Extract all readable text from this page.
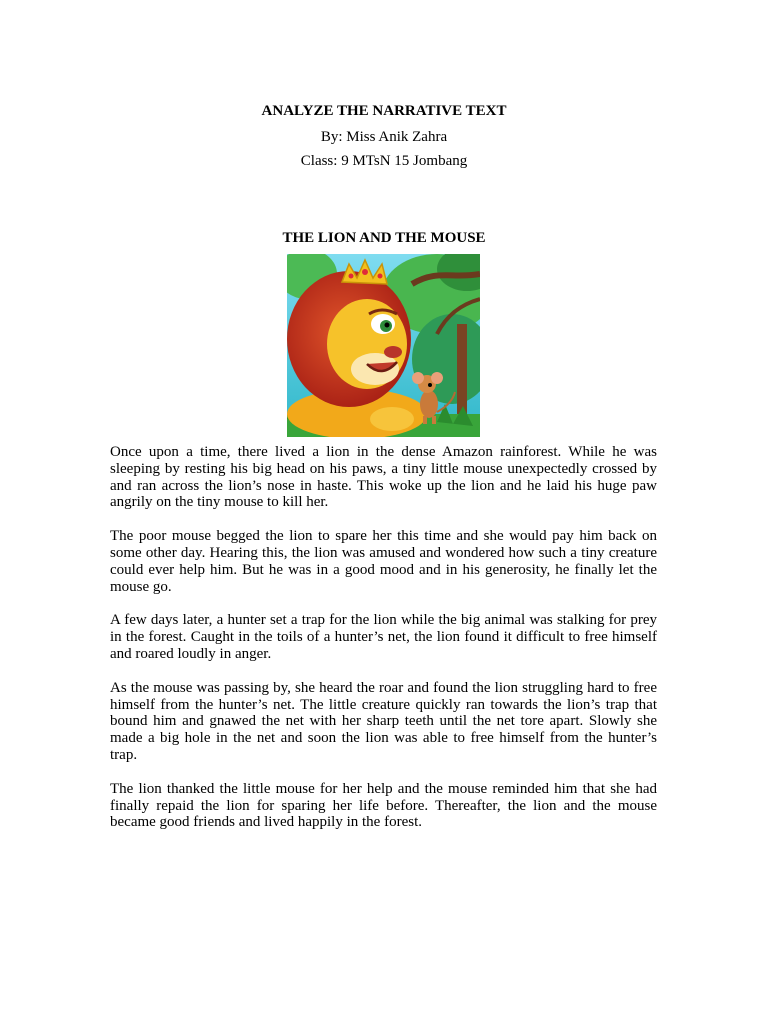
ANALYZE THE NARRATIVE TEXT
By: Miss Anik Zahra
Class: 9 MTsN 15 Jombang
THE LION AND THE MOUSE

Once upon a time, there lived a lion in the dense Amazon rainforest. While he was sleeping by resting his big head on his paws, a tiny little mouse unexpectedly crossed by and ran across the lion’s nose in haste. This woke up the lion and he laid his huge paw angrily on the tiny mouse to kill her.

The poor mouse begged the lion to spare her this time and she would pay him back on some other day. Hearing this, the lion was amused and wondered how such a tiny creature could ever help him. But he was in a good mood and in his generosity, he finally let the mouse go.

A few days later, a hunter set a trap for the lion while the big animal was stalking for prey in the forest. Caught in the toils of a hunter’s net, the lion found it difficult to free himself and roared loudly in anger.

As the mouse was passing by, she heard the roar and found the lion struggling hard to free himself from the hunter’s net. The little creature quickly ran towards the lion’s trap that bound him and gnawed the net with her sharp teeth until the net tore apart. Slowly she made a big hole in the net and soon the lion was able to free himself from the hunter’s trap.

The lion thanked the little mouse for her help and the mouse reminded him that she had finally repaid the lion for sparing her life before. Thereafter, the lion and the mouse became good friends and lived happily in the forest.
